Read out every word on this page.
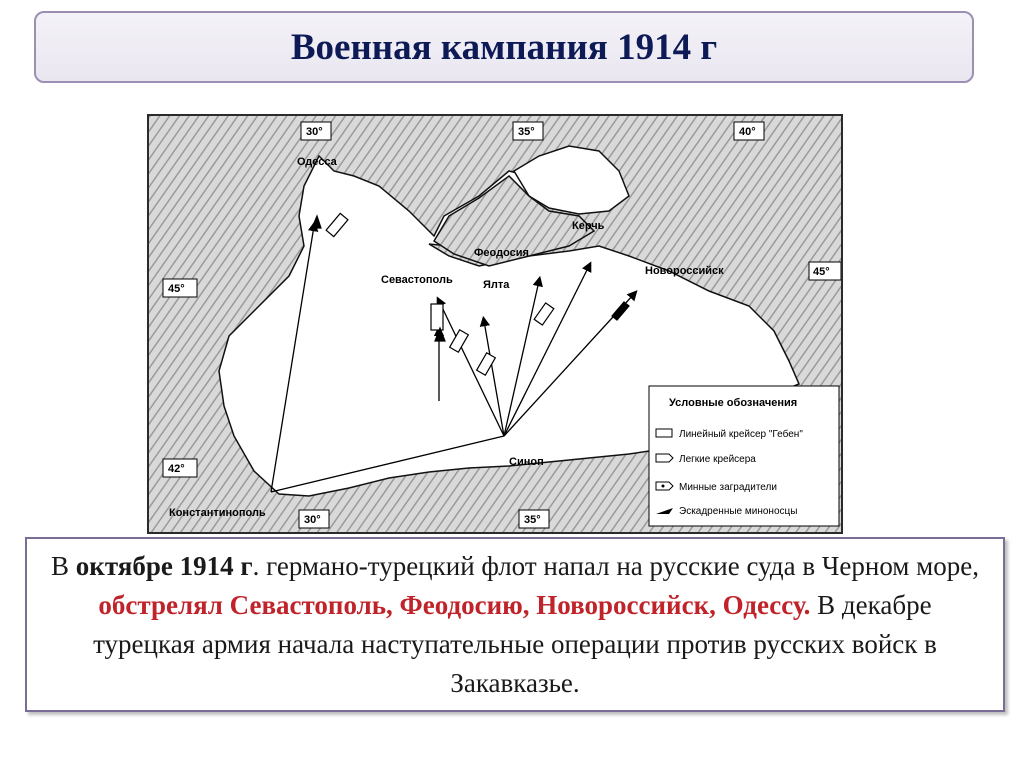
Военная кампания 1914 г
30°	35°	40°
45°
45°
42°
30°	35°
Одесса
Севастополь
Феодосия
Ялта
Керчь
Новороссийск
Синоп
Константинополь
Условные обозначения
Линейный крейсер "Гебен"
Легкие крейсера
Минные заградители
Эскадренные миноносцы
В октябре 1914 г. германо-турецкий флот напал на русские суда в Черном море, обстрелял Севастополь, Феодосию, Новороссийск, Одессу. В декабре турецкая армия начала наступательные операции против русских войск в Закавказье.
